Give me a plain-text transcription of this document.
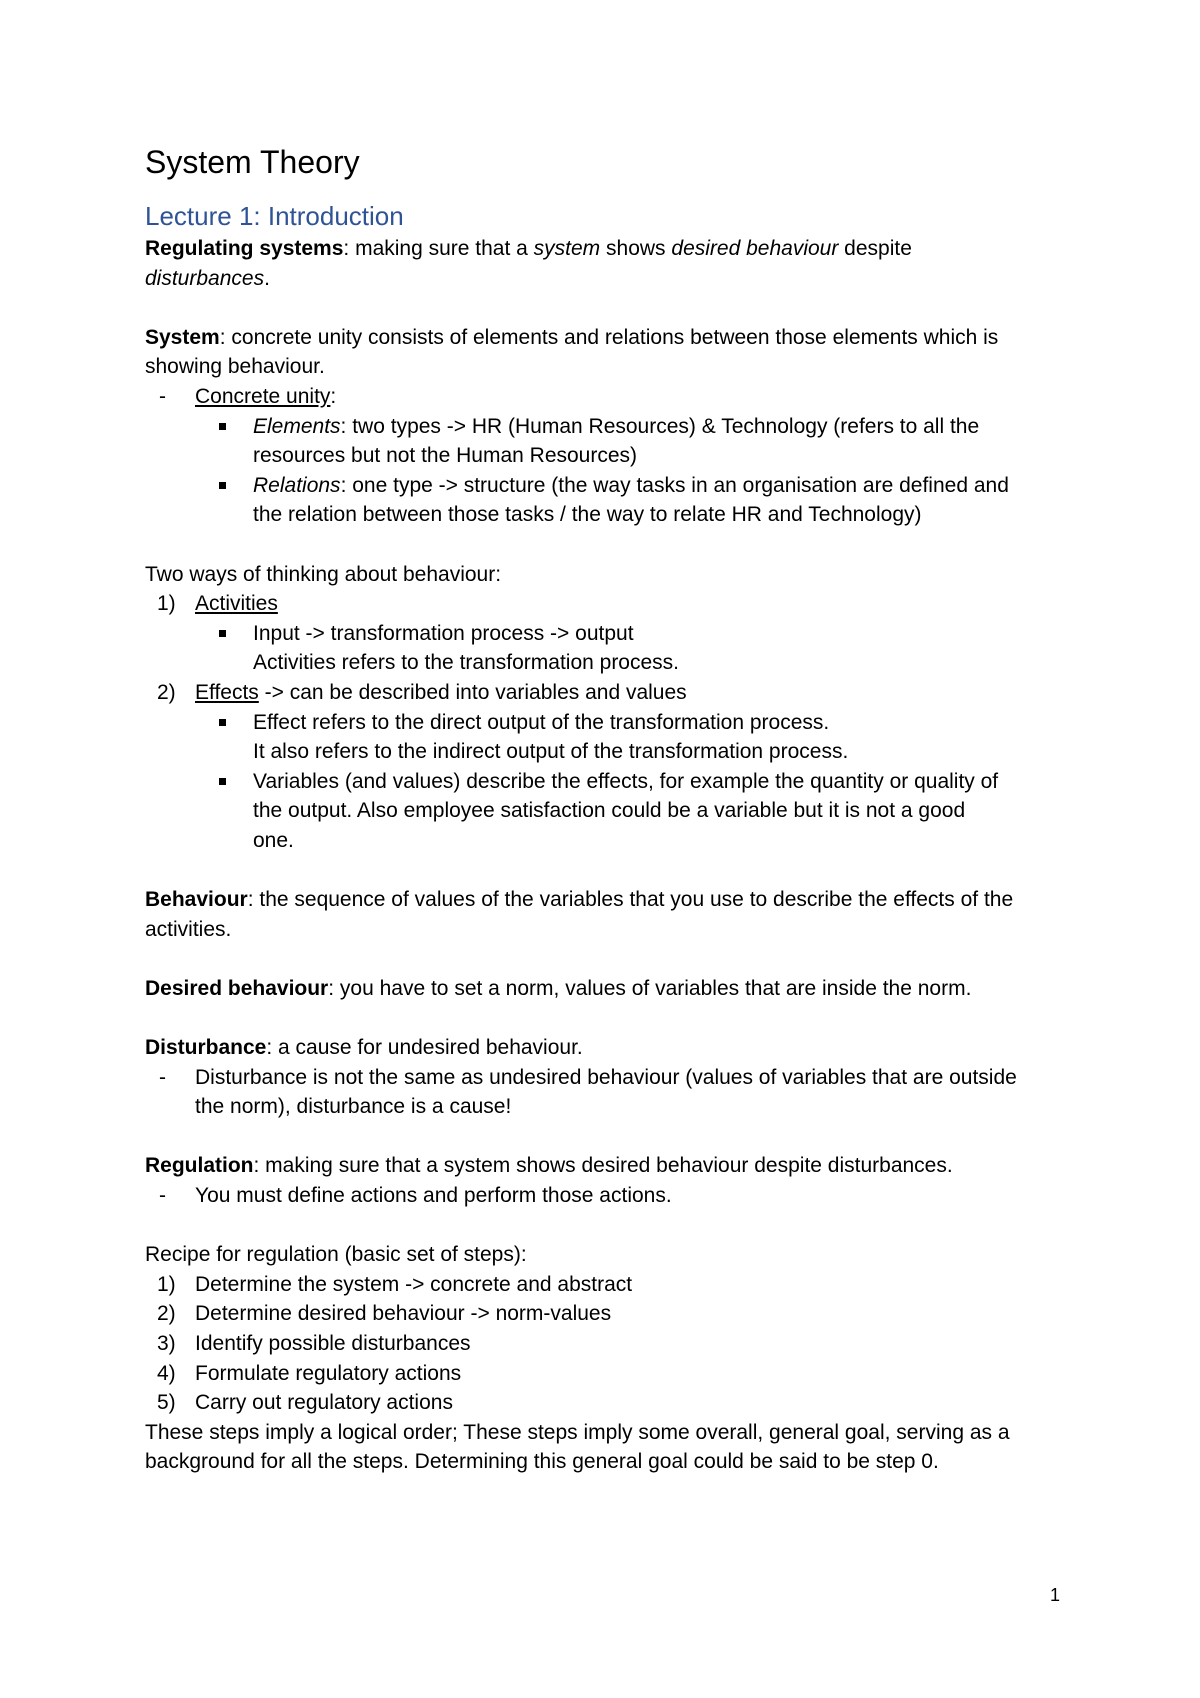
System Theory
Lecture 1: Introduction

Regulating systems: making sure that a system shows desired behaviour despite

disturbances.

System: concrete unity consists of elements and relations between those elements which is

showing behaviour.

- Concrete unity:
Elements: two types -> HR (Human Resources) & Technology (refers to all the
resources but not the Human Resources)
Relations: one type -> structure (the way tasks in an organisation are defined and
the relation between those tasks / the way to relate HR and Technology)

Two ways of thinking about behaviour:

1) Activities
Input -> transformation process -> output
Activities refers to the transformation process.
2) Effects -> can be described into variables and values
Effect refers to the direct output of the transformation process.
It also refers to the indirect output of the transformation process.
Variables (and values) describe the effects, for example the quantity or quality of
the output. Also employee satisfaction could be a variable but it is not a good
one.

Behaviour: the sequence of values of the variables that you use to describe the effects of the

activities.

Desired behaviour: you have to set a norm, values of variables that are inside the norm.

Disturbance: a cause for undesired behaviour.

- Disturbance is not the same as undesired behaviour (values of variables that are outside
the norm), disturbance is a cause!

Regulation: making sure that a system shows desired behaviour despite disturbances.

- You must define actions and perform those actions.

Recipe for regulation (basic set of steps):

1) Determine the system -> concrete and abstract
2) Determine desired behaviour -> norm-values
3) Identify possible disturbances
4) Formulate regulatory actions
5) Carry out regulatory actions

These steps imply a logical order; These steps imply some overall, general goal, serving as a

background for all the steps. Determining this general goal could be said to be step 0.

1
